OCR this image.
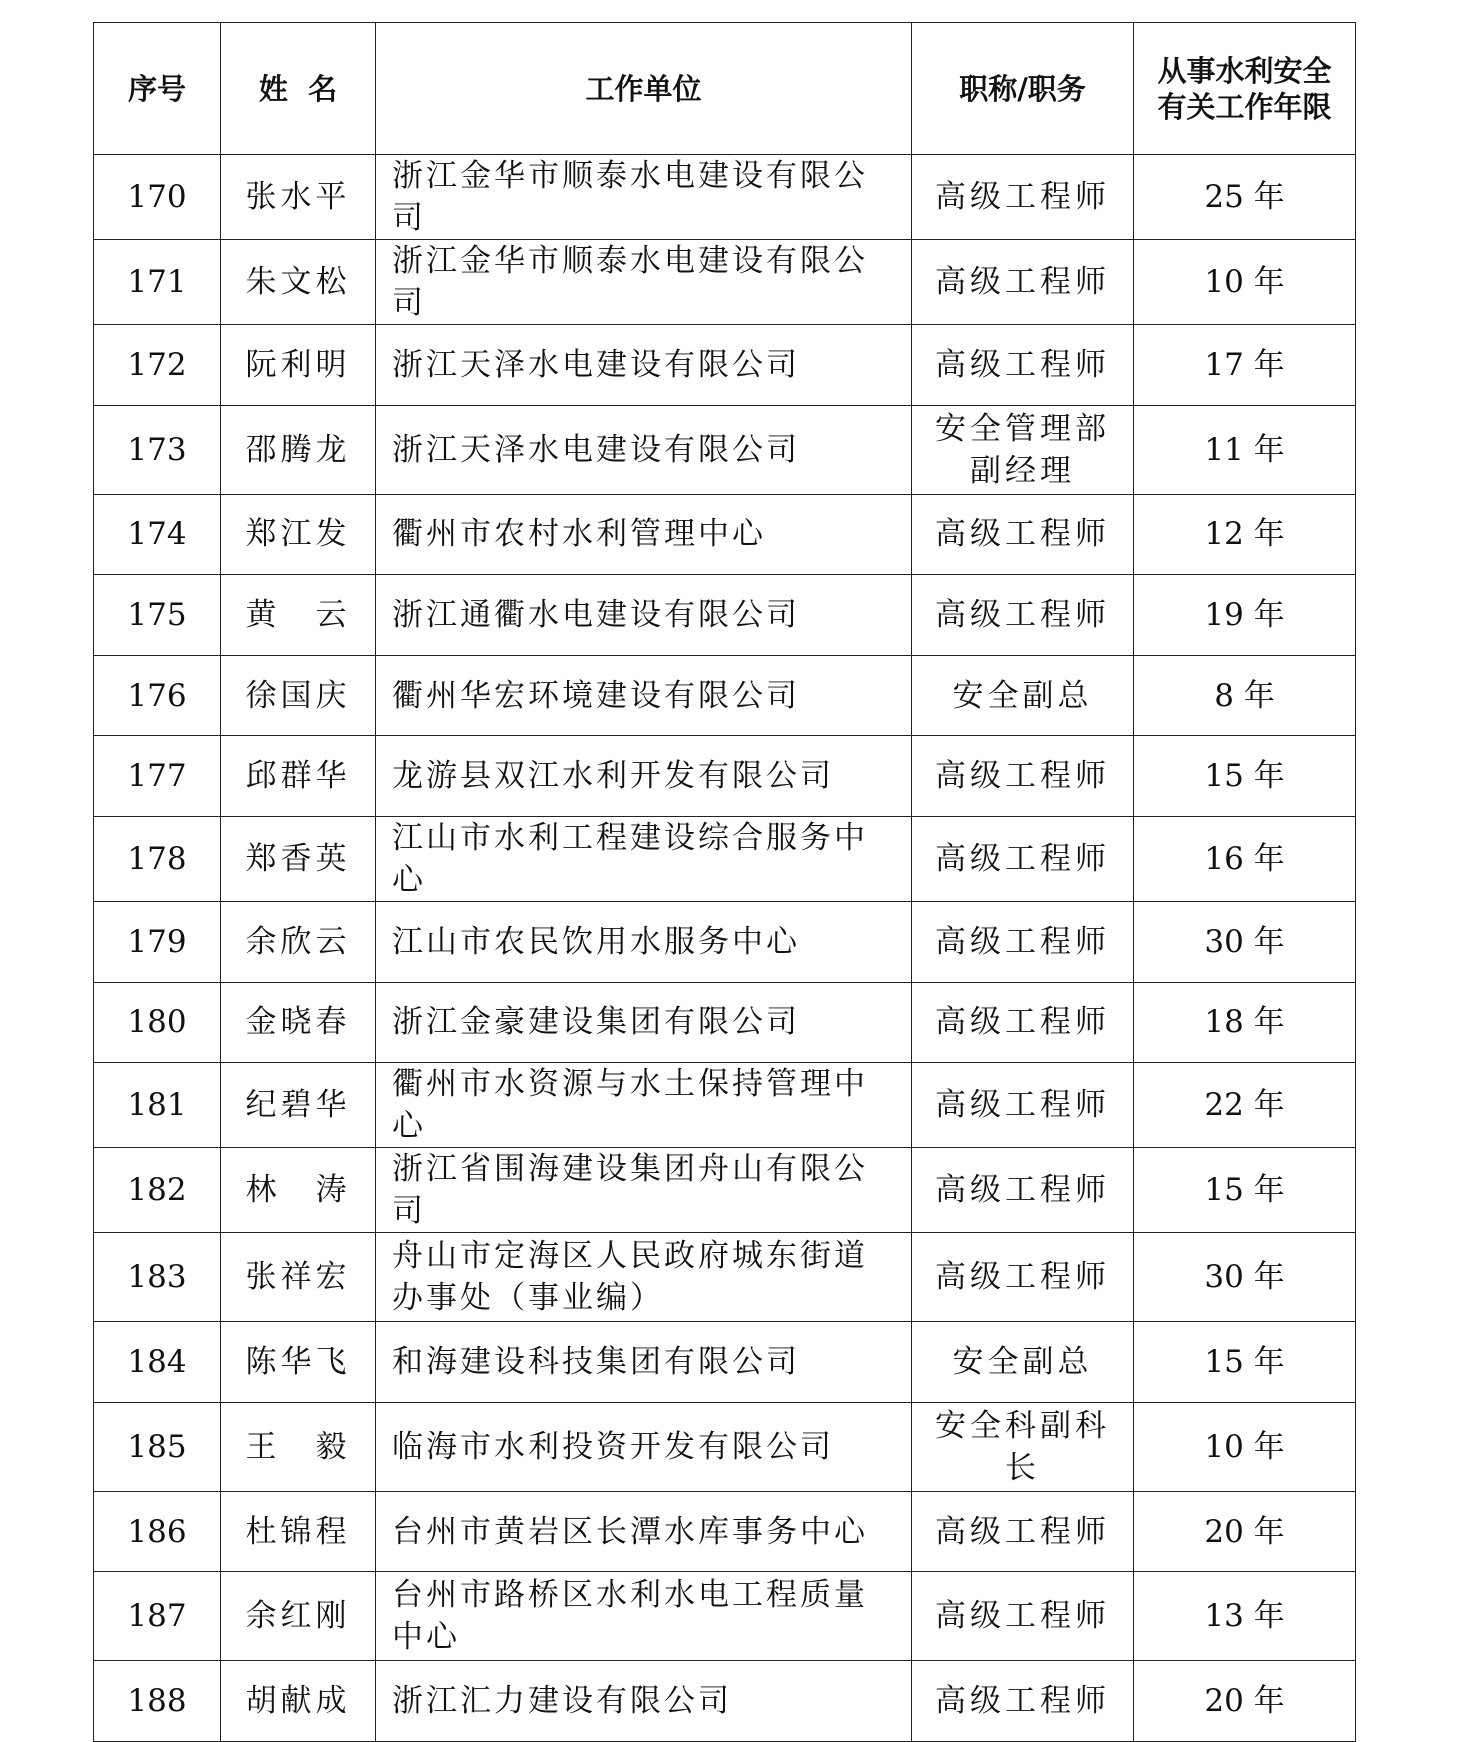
序号	姓  名	工作单位	职称/职务	从事水利安全有关工作年限
170	张水平	浙江金华市顺泰水电建设有限公司	高级工程师	25 年
171	朱文松	浙江金华市顺泰水电建设有限公司	高级工程师	10 年
172	阮利明	浙江天泽水电建设有限公司	高级工程师	17 年
173	邵腾龙	浙江天泽水电建设有限公司	安全管理部副经理	11 年
174	郑江发	衢州市农村水利管理中心	高级工程师	12 年
175	黄　云	浙江通衢水电建设有限公司	高级工程师	19 年
176	徐国庆	衢州华宏环境建设有限公司	安全副总	8 年
177	邱群华	龙游县双江水利开发有限公司	高级工程师	15 年
178	郑香英	江山市水利工程建设综合服务中心	高级工程师	16 年
179	余欣云	江山市农民饮用水服务中心	高级工程师	30 年
180	金晓春	浙江金豪建设集团有限公司	高级工程师	18 年
181	纪碧华	衢州市水资源与水土保持管理中心	高级工程师	22 年
182	林　涛	浙江省围海建设集团舟山有限公司	高级工程师	15 年
183	张祥宏	舟山市定海区人民政府城东街道办事处（事业编）	高级工程师	30 年
184	陈华飞	和海建设科技集团有限公司	安全副总	15 年
185	王　毅	临海市水利投资开发有限公司	安全科副科长	10 年
186	杜锦程	台州市黄岩区长潭水库事务中心	高级工程师	20 年
187	余红刚	台州市路桥区水利水电工程质量中心	高级工程师	13 年
188	胡献成	浙江汇力建设有限公司	高级工程师	20 年
